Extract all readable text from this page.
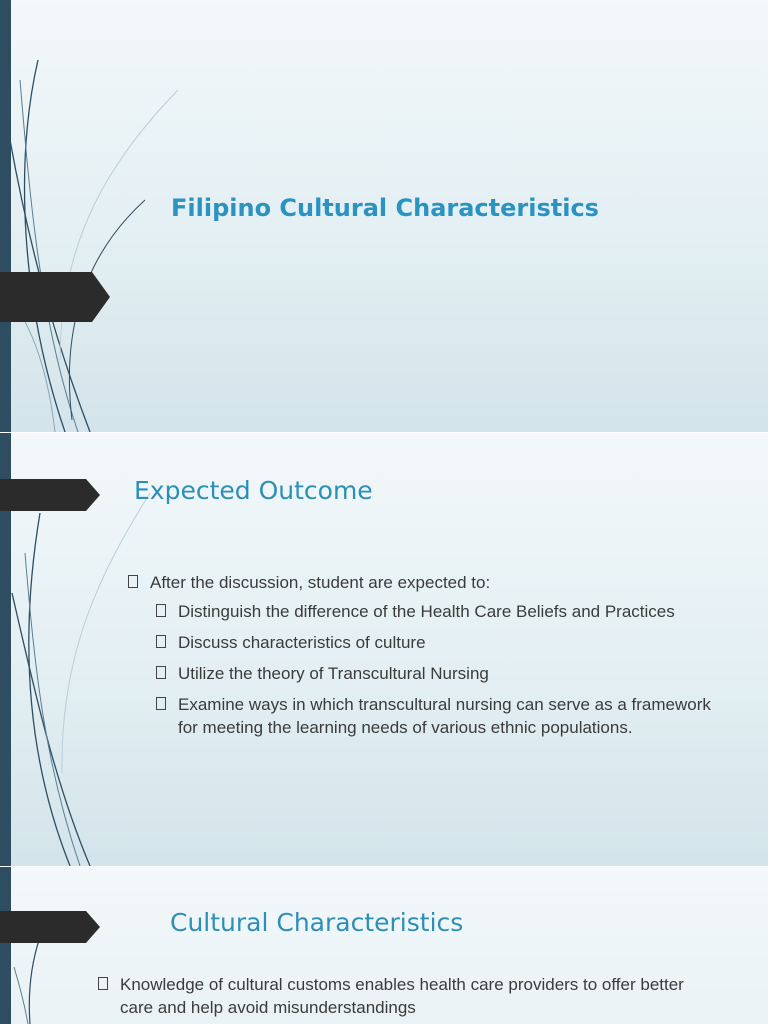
Filipino Cultural Characteristics
Expected Outcome
After the discussion, student are expected to:
Distinguish the difference of the Health Care Beliefs and Practices
Discuss characteristics of culture
Utilize the theory of Transcultural Nursing
Examine ways in which transcultural nursing can serve as a framework for meeting the learning needs of various ethnic populations.
Cultural Characteristics
Knowledge of cultural customs enables health care providers to offer better care and help avoid misunderstandings
